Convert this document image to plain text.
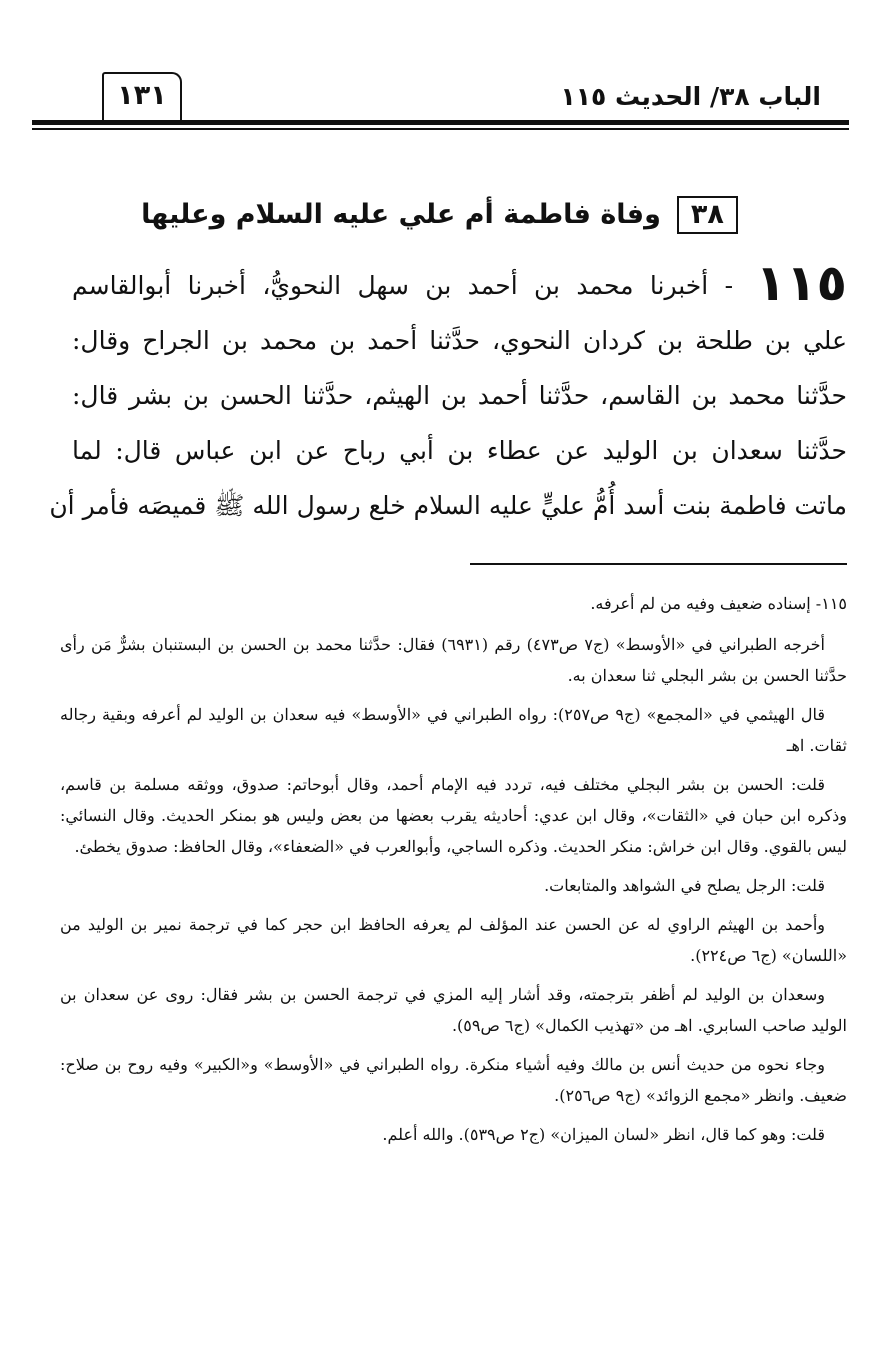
الباب ٣٨/ الحديث ١١٥
١٣١
٣٨وفاة فاطمة أم علي عليه السلام وعليها
١١٥ - أخبرنا محمد بن أحمد بن سهل النحويُّ، أخبرنا أبوالقاسم
علي بن طلحة بن كردان النحوي، حدَّثنا أحمد بن محمد بن الجراح وقال:
حدَّثنا محمد بن القاسم، حدَّثنا أحمد بن الهيثم، حدَّثنا الحسن بن بشر قال:
حدَّثنا سعدان بن الوليد عن عطاء بن أبي رباح عن ابن عباس قال: لما
ماتت فاطمة بنت أسد أُمُّ عليٍّ عليه السلام خلع رسول الله ﷺ قميصَه فأمر أن

١١٥- إسناده ضعيف وفيه من لم أعرفه.

أخرجه الطبراني في «الأوسط» (ج٧ ص٤٧٣) رقم (٦٩٣١) فقال: حدَّثنا محمد بن الحسن بن البستنبان بشرٌّ مَن رأى حدَّثنا الحسن بن بشر البجلي ثنا سعدان به.

قال الهيثمي في «المجمع» (ج٩ ص٢٥٧): رواه الطبراني في «الأوسط» فيه سعدان بن الوليد لم أعرفه وبقية رجاله ثقات. اهـ

قلت: الحسن بن بشر البجلي مختلف فيه، تردد فيه الإمام أحمد، وقال أبوحاتم: صدوق، ووثقه مسلمة بن قاسم، وذكره ابن حبان في «الثقات»، وقال ابن عدي: أحاديثه يقرب بعضها من بعض وليس هو بمنكر الحديث. وقال النسائي: ليس بالقوي. وقال ابن خراش: منكر الحديث. وذكره الساجي، وأبوالعرب في «الضعفاء»، وقال الحافظ: صدوق يخطئ.

قلت: الرجل يصلح في الشواهد والمتابعات.

وأحمد بن الهيثم الراوي له عن الحسن عند المؤلف لم يعرفه الحافظ ابن حجر كما في ترجمة نمير بن الوليد من «اللسان» (ج٦ ص٢٢٤).

وسعدان بن الوليد لم أظفر بترجمته، وقد أشار إليه المزي في ترجمة الحسن بن بشر فقال: روى عن سعدان بن الوليد صاحب السابري. اهـ من «تهذيب الكمال» (ج٦ ص٥٩).

وجاء نحوه من حديث أنس بن مالك وفيه أشياء منكرة. رواه الطبراني في «الأوسط» و«الكبير» وفيه روح بن صلاح: ضعيف. وانظر «مجمع الزوائد» (ج٩ ص٢٥٦).

قلت: وهو كما قال، انظر «لسان الميزان» (ج٢ ص٥٣٩). والله أعلم.
